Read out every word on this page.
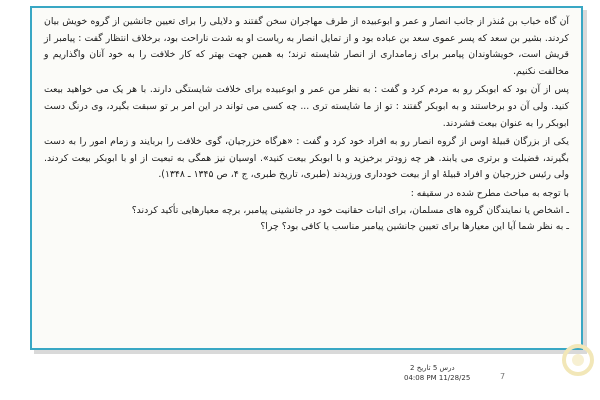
آن گاه خباب بن مُنذر از جانب انصار و عمر و ابوعبیده از طرف مهاجران سخن گفتند و دلایلی را برای تعیین جانشین از گروه خویش بیان کردند. بشیر بن سعد که پسر عموی سعد بن عباده بود و از تمایل انصار به ریاست او به شدت ناراحت بود، برخلاف انتظار گفت : پیامبر از قریش است، خویشاوندان پیامبر برای زمامداری از انصار شایسته ترند؛ به همین جهت بهتر که کار خلافت را به خود آنان واگذاریم و مخالفت نکنیم.

پس از آن بود که ابوبکر رو به مردم کرد و گفت : به نظر من عمر و ابوعبیده برای خلافت شایستگی دارند. با هر یک می خواهید بیعت کنید. ولی آن دو برخاستند و به ابوبکر گفتند : تو از ما شایسته تری ... چه کسی می تواند در این امر بر تو سبقت بگیرد، وی درنگ دست ابوبکر را به عنوان بیعت فشردند.

یکی از بزرگان قبیلهٔ اوس از گروه انصار رو به افراد خود کرد و گفت : «هرگاه خزرجیان، گوی خلافت را بربایند و زمام امور را به دست بگیرند، فضیلت و برتری می یابند. هر چه زودتر برخیزید و با ابوبکر بیعت کنید». اوسیان نیز همگی به تبعیت از او با ابوبکر بیعت کردند. ولی رئیس خزرجیان و افراد قبیلهٔ او از بیعت خودداری ورزیدند (طبری، تاریخ طبری، ج ۴، ص ۱۳۴۵ ـ ۱۳۴۸).

با توجه به مباحث مطرح شده در سقیفه :

ـ اشخاص یا نمایندگان گروه های مسلمان، برای اثبات حقانیت خود در جانشینی پیامبر، برچه معیارهایی تأکید کردند؟

ـ به نظر شما آیا این معیارها برای تعیین جانشین پیامبر مناسب یا کافی بود؟ چرا؟

درس 5 تاریخ 2
04:08 PM 11/28/25	7
